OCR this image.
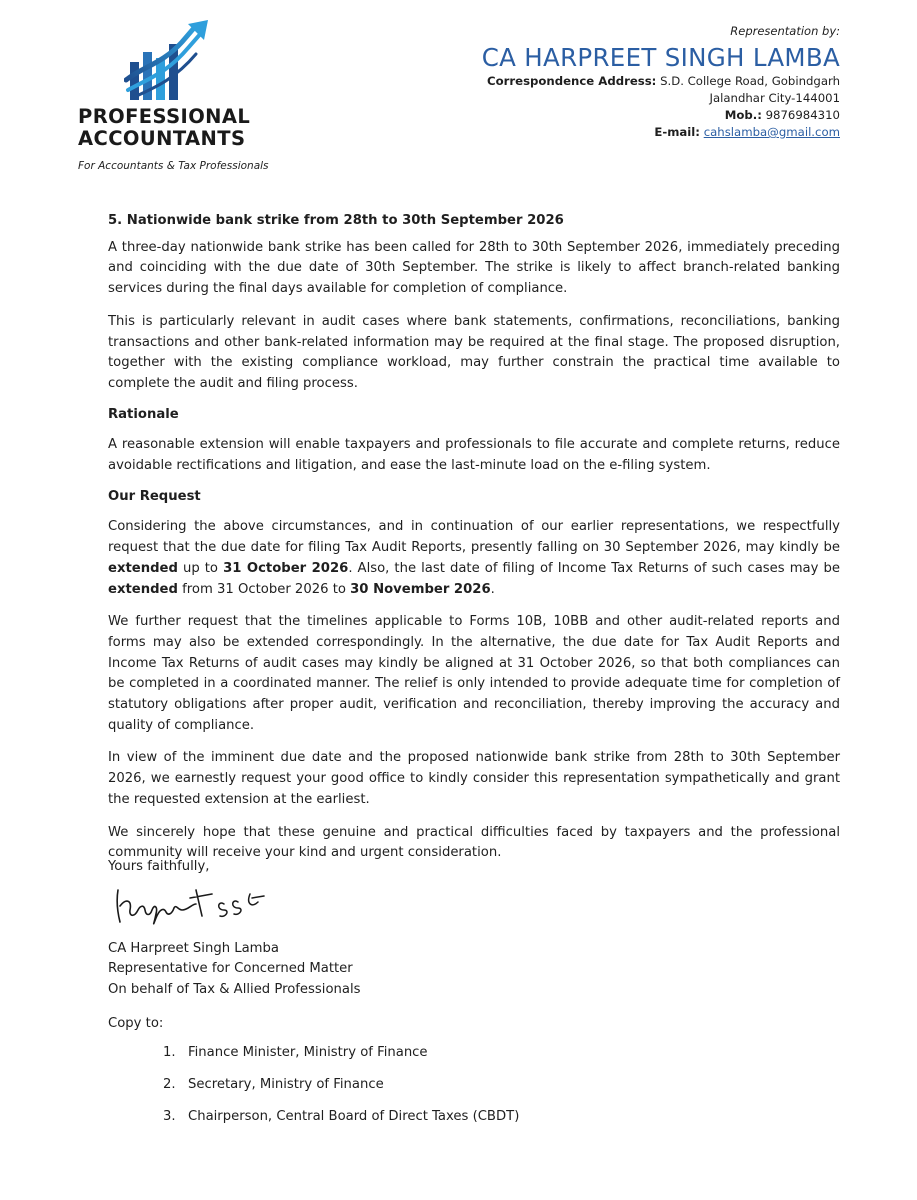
PROFESSIONAL
ACCOUNTANTS
For Accountants & Tax Professionals
Representation by:
CA HARPREET SINGH LAMBA
Correspondence Address: S.D. College Road, Gobindgarh
Jalandhar City-144001
Mob.: 9876984310
E-mail: cahslamba@gmail.com

5. Nationwide bank strike from 28th to 30th September 2026

A three-day nationwide bank strike has been called for 28th to 30th September 2026, immediately preceding and coinciding with the due date of 30th September. The strike is likely to affect branch-related banking services during the final days available for completion of compliance.

This is particularly relevant in audit cases where bank statements, confirmations, reconciliations, banking transactions and other bank-related information may be required at the final stage. The proposed disruption, together with the existing compliance workload, may further constrain the practical time available to complete the audit and filing process.

Rationale

A reasonable extension will enable taxpayers and professionals to file accurate and complete returns, reduce avoidable rectifications and litigation, and ease the last-minute load on the e-filing system.

Our Request

Considering the above circumstances, and in continuation of our earlier representations, we respectfully request that the due date for filing Tax Audit Reports, presently falling on 30 September 2026, may kindly be extended up to 31 October 2026. Also, the last date of filing of Income Tax Returns of such cases may be extended from 31 October 2026 to 30 November 2026.

We further request that the timelines applicable to Forms 10B, 10BB and other audit-related reports and forms may also be extended correspondingly. In the alternative, the due date for Tax Audit Reports and Income Tax Returns of audit cases may kindly be aligned at 31 October 2026, so that both compliances can be completed in a coordinated manner. The relief is only intended to provide adequate time for completion of statutory obligations after proper audit, verification and reconciliation, thereby improving the accuracy and quality of compliance.

In view of the imminent due date and the proposed nationwide bank strike from 28th to 30th September 2026, we earnestly request your good office to kindly consider this representation sympathetically and grant the requested extension at the earliest.

We sincerely hope that these genuine and practical difficulties faced by taxpayers and the professional community will receive your kind and urgent consideration.

Yours faithfully,
CA Harpreet Singh Lamba
Representative for Concerned Matter
On behalf of Tax & Allied Professionals
Copy to:
1. Finance Minister, Ministry of Finance
2. Secretary, Ministry of Finance
3. Chairperson, Central Board of Direct Taxes (CBDT)
